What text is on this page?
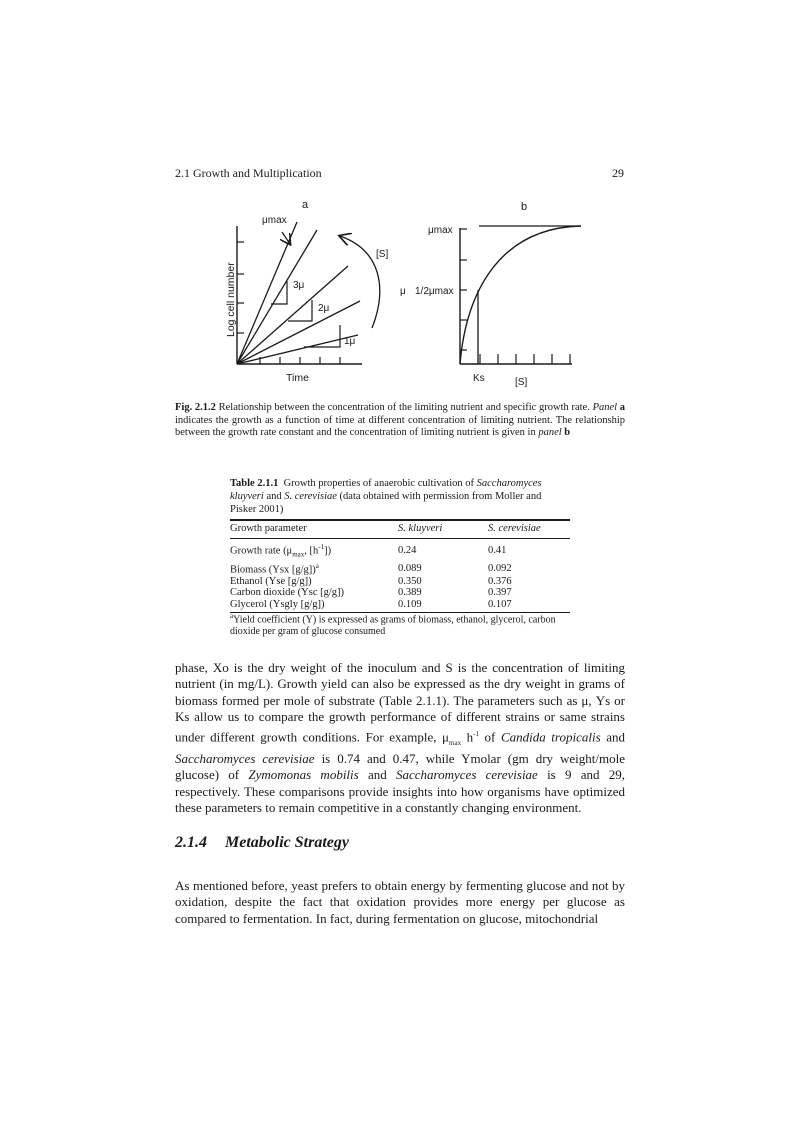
2.1 Growth and Multiplication	29
a
μmax
Log cell number
Time
3μ
2μ
1μ
[S]
b
μmax
μ 1/2μmax
Ks	[S]
Fig. 2.1.2 Relationship between the concentration of the limiting nutrient and specific growth rate. Panel a indicates the growth as a function of time at different concentration of limiting nutrient. The relationship between the growth rate constant and the concentration of limiting nutrient is given in panel b
Table 2.1.1 Growth properties of anaerobic cultivation of Saccharomyces kluyveri and S. cerevisiae (data obtained with permission from Moller and Pisker 2001)
Growth parameter	S. kluyveri	S. cerevisiae
Growth rate ($\mu_{max}$, $[h^{-1}]$)	0.24	0.41
Biomass (Ysx [g/g])$^a$	0.089	0.092
Ethanol (Yse [g/g])	0.350	0.376
Carbon dioxide (Ysc [g/g])	0.389	0.397
Glycerol (Ysgly [g/g])	0.109	0.107
$^a$Yield coefficient (Y) is expressed as grams of biomass, ethanol, glycerol, carbon dioxide per gram of glucose consumed
phase, Xo is the dry weight of the inoculum and S is the concentration of limiting nutrient (in mg/L). Growth yield can also be expressed as the dry weight in grams of biomass formed per mole of substrate (Table 2.1.1). The parameters such as μ, Ys or Ks allow us to compare the growth performance of different strains or same strains under different growth conditions. For example, $\mu_{max}$ $h^{-1}$ of Candida tropicalis and Saccharomyces cerevisiae is 0.74 and 0.47, while Ymolar (gm dry weight/mole glucose) of Zymomonas mobilis and Saccharomyces cerevisiae is 9 and 29, respectively. These comparisons provide insights into how organisms have optimized these parameters to remain competitive in a constantly changing environment.
2.1.4 Metabolic Strategy
As mentioned before, yeast prefers to obtain energy by fermenting glucose and not by oxidation, despite the fact that oxidation provides more energy per glucose as compared to fermentation. In fact, during fermentation on glucose, mitochondrial
